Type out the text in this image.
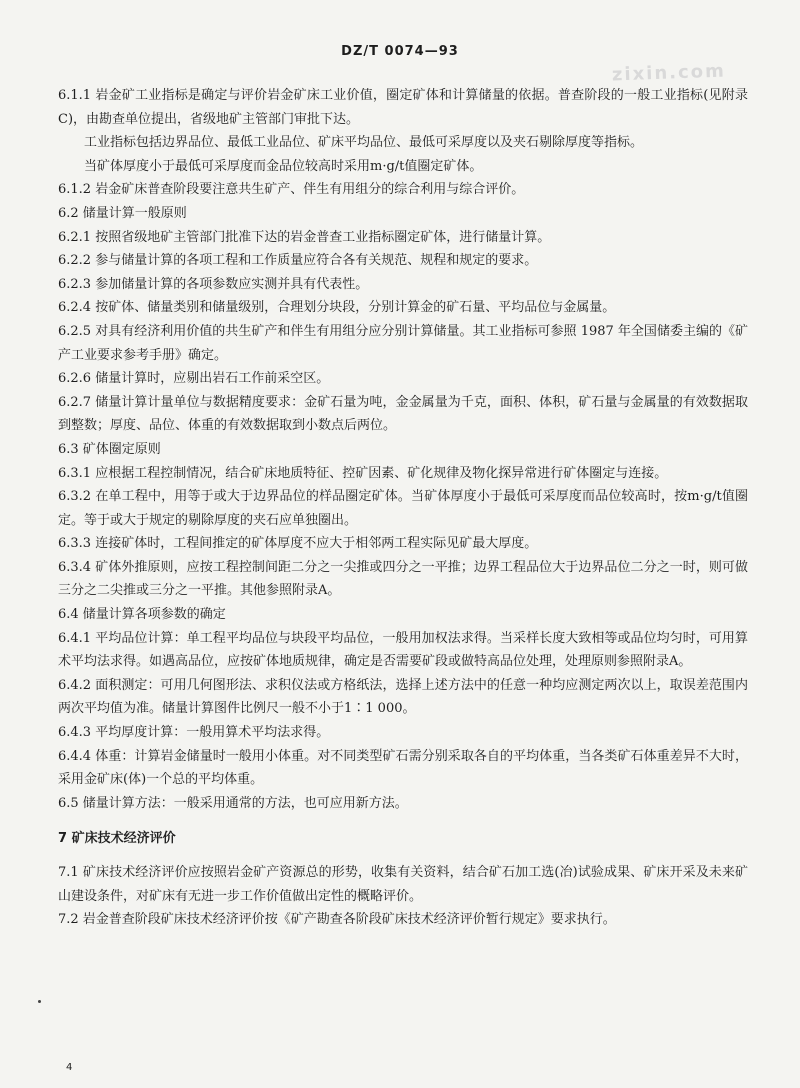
DZ/T 0074—93
zixin.com

6.1.1 岩金矿工业指标是确定与评价岩金矿床工业价值，圈定矿体和计算储量的依据。普查阶段的一般工业指标(见附录C)，由勘查单位提出，省级地矿主管部门审批下达。

工业指标包括边界品位、最低工业品位、矿床平均品位、最低可采厚度以及夹石剔除厚度等指标。

当矿体厚度小于最低可采厚度而金品位较高时采用m·g/t值圈定矿体。

6.1.2 岩金矿床普查阶段要注意共生矿产、伴生有用组分的综合利用与综合评价。

6.2 储量计算一般原则

6.2.1 按照省级地矿主管部门批准下达的岩金普查工业指标圈定矿体，进行储量计算。

6.2.2 参与储量计算的各项工程和工作质量应符合各有关规范、规程和规定的要求。

6.2.3 参加储量计算的各项参数应实测并具有代表性。

6.2.4 按矿体、储量类别和储量级别，合理划分块段，分别计算金的矿石量、平均品位与金属量。

6.2.5 对具有经济利用价值的共生矿产和伴生有用组分应分别计算储量。其工业指标可参照 1987 年全国储委主编的《矿产工业要求参考手册》确定。

6.2.6 储量计算时，应剔出岩石工作前采空区。

6.2.7 储量计算计量单位与数据精度要求：金矿石量为吨，金金属量为千克，面积、体积，矿石量与金属量的有效数据取到整数；厚度、品位、体重的有效数据取到小数点后两位。

6.3 矿体圈定原则

6.3.1 应根据工程控制情况，结合矿床地质特征、控矿因素、矿化规律及物化探异常进行矿体圈定与连接。

6.3.2 在单工程中，用等于或大于边界品位的样品圈定矿体。当矿体厚度小于最低可采厚度而品位较高时，按m·g/t值圈定。等于或大于规定的剔除厚度的夹石应单独圈出。

6.3.3 连接矿体时，工程间推定的矿体厚度不应大于相邻两工程实际见矿最大厚度。

6.3.4 矿体外推原则，应按工程控制间距二分之一尖推或四分之一平推；边界工程品位大于边界品位二分之一时，则可做三分之二尖推或三分之一平推。其他参照附录A。

6.4 储量计算各项参数的确定

6.4.1 平均品位计算：单工程平均品位与块段平均品位，一般用加权法求得。当采样长度大致相等或品位均匀时，可用算术平均法求得。如遇高品位，应按矿体地质规律，确定是否需要矿段或做特高品位处理，处理原则参照附录A。

6.4.2 面积测定：可用几何图形法、求积仪法或方格纸法，选择上述方法中的任意一种均应测定两次以上，取误差范围内两次平均值为准。储量计算图件比例尺一般不小于1∶1 000。

6.4.3 平均厚度计算：一般用算术平均法求得。

6.4.4 体重：计算岩金储量时一般用小体重。对不同类型矿石需分别采取各自的平均体重，当各类矿石体重差异不大时，采用金矿床(体)一个总的平均体重。

6.5 储量计算方法：一般采用通常的方法，也可应用新方法。

7 矿床技术经济评价

7.1 矿床技术经济评价应按照岩金矿产资源总的形势，收集有关资料，结合矿石加工选(冶)试验成果、矿床开采及未来矿山建设条件，对矿床有无进一步工作价值做出定性的概略评价。

7.2 岩金普查阶段矿床技术经济评价按《矿产勘查各阶段矿床技术经济评价暂行规定》要求执行。

4
